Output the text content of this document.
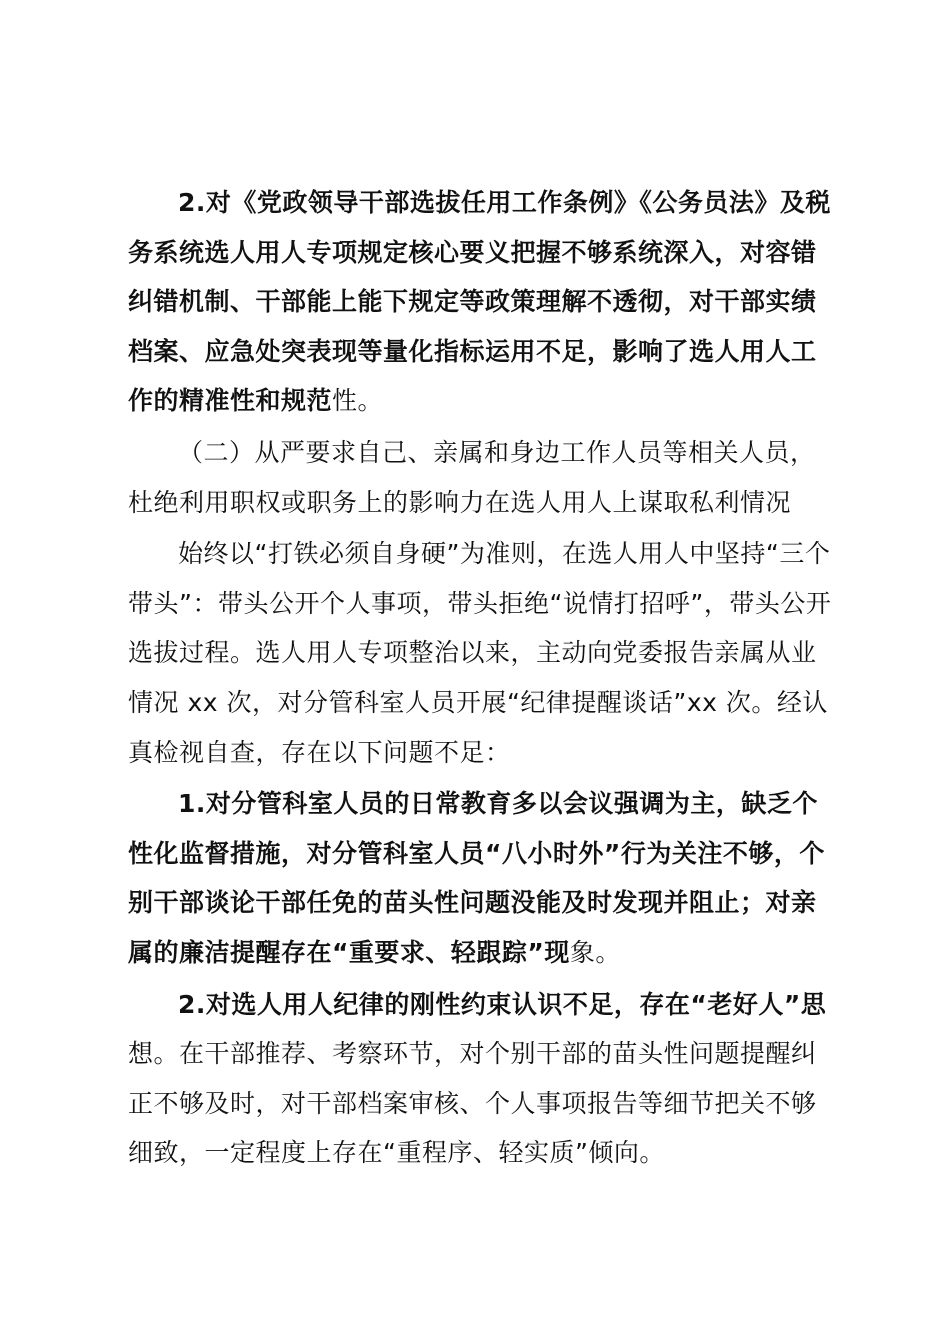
2.对《党政领导干部选拔任用工作条例》《公务员法》及税务系统选人用人专项规定核心要义把握不够系统深入，对容错纠错机制、干部能上能下规定等政策理解不透彻，对干部实绩档案、应急处突表现等量化指标运用不足，影响了选人用人工作的精准性和规范性。

（二）从严要求自己、亲属和身边工作人员等相关人员，杜绝利用职权或职务上的影响力在选人用人上谋取私利情况

始终以“打铁必须自身硬”为准则，在选人用人中坚持“三个带头”：带头公开个人事项，带头拒绝“说情打招呼”，带头公开选拔过程。选人用人专项整治以来，主动向党委报告亲属从业情况 xx 次，对分管科室人员开展“纪律提醒谈话”xx 次。经认真检视自查，存在以下问题不足：

1.对分管科室人员的日常教育多以会议强调为主，缺乏个性化监督措施，对分管科室人员“八小时外”行为关注不够，个别干部谈论干部任免的苗头性问题没能及时发现并阻止；对亲属的廉洁提醒存在“重要求、轻跟踪”现象。

2.对选人用人纪律的刚性约束认识不足，存在“老好人”思想。在干部推荐、考察环节，对个别干部的苗头性问题提醒纠正不够及时，对干部档案审核、个人事项报告等细节把关不够细致，一定程度上存在“重程序、轻实质”倾向。
